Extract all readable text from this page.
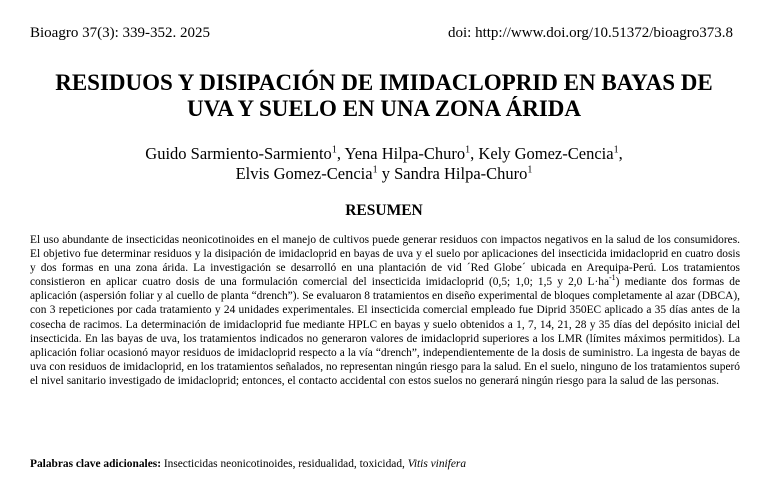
Bioagro 37(3): 339-352. 2025	doi: http://www.doi.org/10.51372/bioagro373.8
RESIDUOS Y DISIPACIÓN DE IMIDACLOPRID EN BAYAS DE
UVA Y SUELO EN UNA ZONA ÁRIDA
Guido Sarmiento-Sarmiento$^1$, Yena Hilpa-Churo$^1$, Kely Gomez-Cencia$^1$,
Elvis Gomez-Cencia$^1$ y Sandra Hilpa-Churo$^1$
RESUMEN

El uso abundante de insecticidas neonicotinoides en el manejo de cultivos puede generar residuos con impactos negativos en la salud de los consumidores. El objetivo fue determinar residuos y la disipación de imidacloprid en bayas de uva y el suelo por aplicaciones del insecticida imidacloprid en cuatro dosis y dos formas en una zona árida. La investigación se desarrolló en una plantación de vid ´Red Globe´ ubicada en Arequipa-Perú. Los tratamientos consistieron en aplicar cuatro dosis de una formulación comercial del insecticida imidacloprid (0,5; 1,0; 1,5 y 2,0 $L\cdot ha^{-1}$) mediante dos formas de aplicación (aspersión foliar y al cuello de planta “drench”). Se evaluaron 8 tratamientos en diseño experimental de bloques completamente al azar (DBCA), con 3 repeticiones por cada tratamiento y 24 unidades experimentales. El insecticida comercial empleado fue Diprid 350EC aplicado a 35 días antes de la cosecha de racimos. La determinación de imidacloprid fue mediante HPLC en bayas y suelo obtenidos a 1, 7, 14, 21, 28 y 35 días del depósito inicial del insecticida. En las bayas de uva, los tratamientos indicados no generaron valores de imidacloprid superiores a los LMR (límites máximos permitidos). La aplicación foliar ocasionó mayor residuos de imidacloprid respecto a la vía “drench”, independientemente de la dosis de suministro. La ingesta de bayas de uva con residuos de imidacloprid, en los tratamientos señalados, no representan ningún riesgo para la salud. En el suelo, ninguno de los tratamientos superó el nivel sanitario investigado de imidacloprid; entonces, el contacto accidental con estos suelos no generará ningún riesgo para la salud de las personas.

Palabras clave adicionales: Insecticidas neonicotinoides, residualidad, toxicidad, Vitis vinifera
